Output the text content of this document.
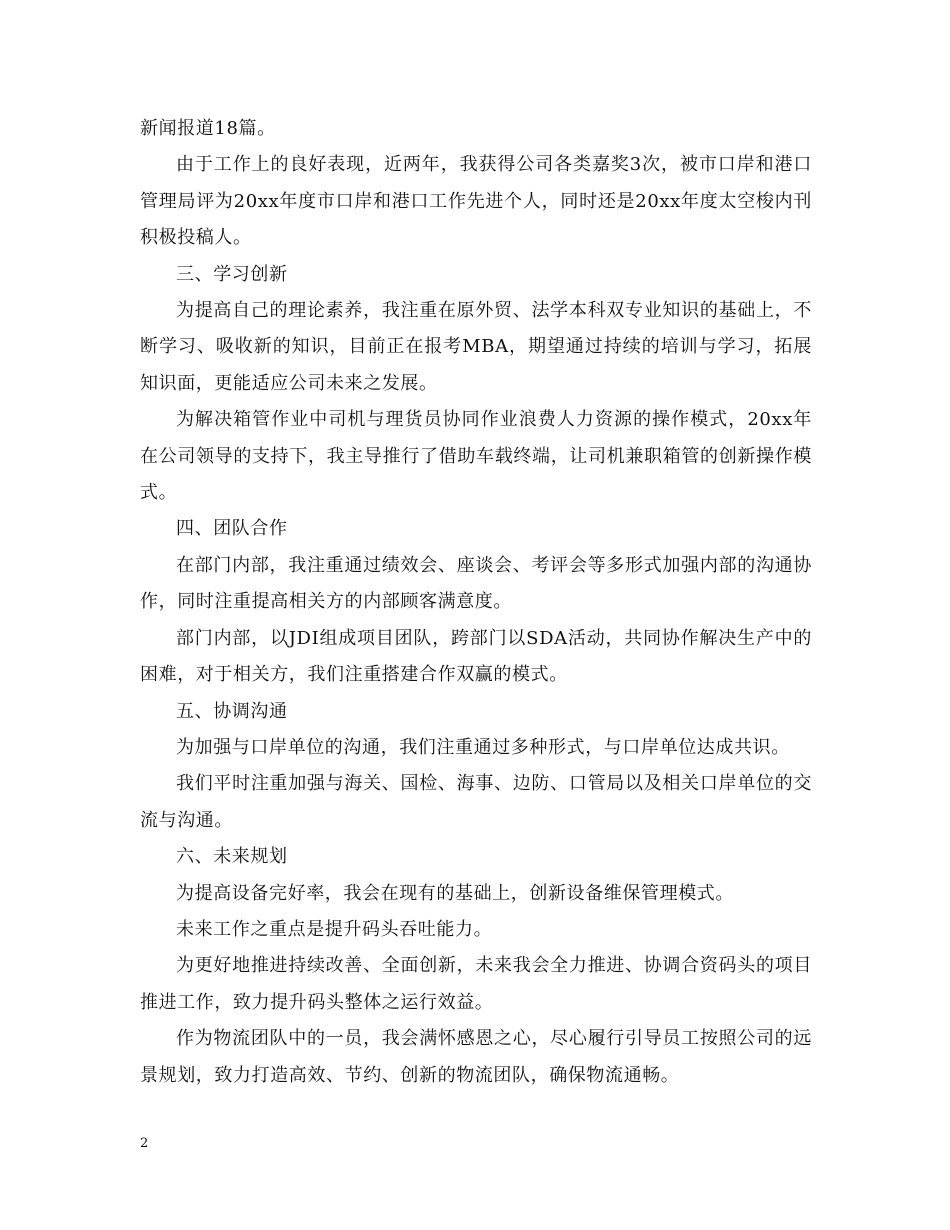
新闻报道18篇。

由于工作上的良好表现，近两年，我获得公司各类嘉奖3次，被市口岸和港口管理局评为20xx年度市口岸和港口工作先进个人，同时还是20xx年度太空梭内刊积极投稿人。

三、学习创新

为提高自己的理论素养，我注重在原外贸、法学本科双专业知识的基础上，不断学习、吸收新的知识，目前正在报考MBA，期望通过持续的培训与学习，拓展知识面，更能适应公司未来之发展。

为解决箱管作业中司机与理货员协同作业浪费人力资源的操作模式，20xx年在公司领导的支持下，我主导推行了借助车载终端，让司机兼职箱管的创新操作模式。

四、团队合作

在部门内部，我注重通过绩效会、座谈会、考评会等多形式加强内部的沟通协作，同时注重提高相关方的内部顾客满意度。

部门内部，以JDI组成项目团队，跨部门以SDA活动，共同协作解决生产中的困难，对于相关方，我们注重搭建合作双赢的模式。

五、协调沟通

为加强与口岸单位的沟通，我们注重通过多种形式，与口岸单位达成共识。

我们平时注重加强与海关、国检、海事、边防、口管局以及相关口岸单位的交流与沟通。

六、未来规划

为提高设备完好率，我会在现有的基础上，创新设备维保管理模式。

未来工作之重点是提升码头吞吐能力。

为更好地推进持续改善、全面创新，未来我会全力推进、协调合资码头的项目推进工作，致力提升码头整体之运行效益。

作为物流团队中的一员，我会满怀感恩之心，尽心履行引导员工按照公司的远景规划，致力打造高效、节约、创新的物流团队，确保物流通畅。

2
